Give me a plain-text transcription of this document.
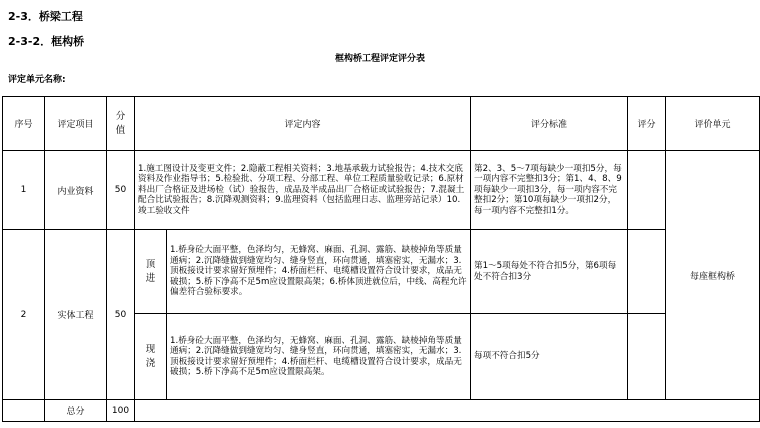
2-3．桥梁工程
2-3-2．框构桥
框构桥工程评定评分表
评定单元名称:
序号	评定项目	分值	评定内容		评分标准	评分	评价单元
1	内业资料	50	1.施工图设计及变更文件；2.隐蔽工程相关资料；3.地基承载力试验报告；4.技术交底资料及作业指导书；5.检验批、分项工程、分部工程、单位工程质量验收记录；6.原材料出厂合格证及进场检（试）验报告，成品及半成品出厂合格证或试验报告；7.混凝土配合比试验报告；8.沉降观测资料；9.监理资料（包括监理日志、监理旁站记录）10.竣工验收文件		第2、3、5～7项每缺少一项扣5分，每一项内容不完整扣3分；第1、4、8、9项每缺少一项扣3分，每一项内容不完整扣2分；第10项每缺少一项扣2分，每一项内容不完整扣1分。		每座框构桥
2	实体工程	50	顶进	1.桥身砼大面平整，色泽均匀，无蜂窝、麻面、孔洞、露筋、缺棱掉角等质量通病；2.沉降缝做到缝宽均匀、缝身竖直，环向贯通，填塞密实，无漏水；3.顶板接设计要求留好预埋件；4.桥面栏杆、电缆槽设置符合设计要求，成品无破损；5.桥下净高不足5m应设置限高架；6.桥体顶进就位后，中线、高程允许偏差符合验标要求。	第1～5项每处不符合扣5分，第6项每处不符合扣3分		
			现浇	1.桥身砼大面平整，色泽均匀，无蜂窝、麻面、孔洞、露筋、缺棱掉角等质量通病；2.沉降缝做到缝宽均匀、缝身竖直，环向贯通，填塞密实，无漏水；3.顶板接设计要求留好预埋件；4.桥面栏杆、电缆槽设置符合设计要求，成品无破损；5.桥下净高不足5m应设置限高架。	每项不符合扣5分		
	总分	100					
